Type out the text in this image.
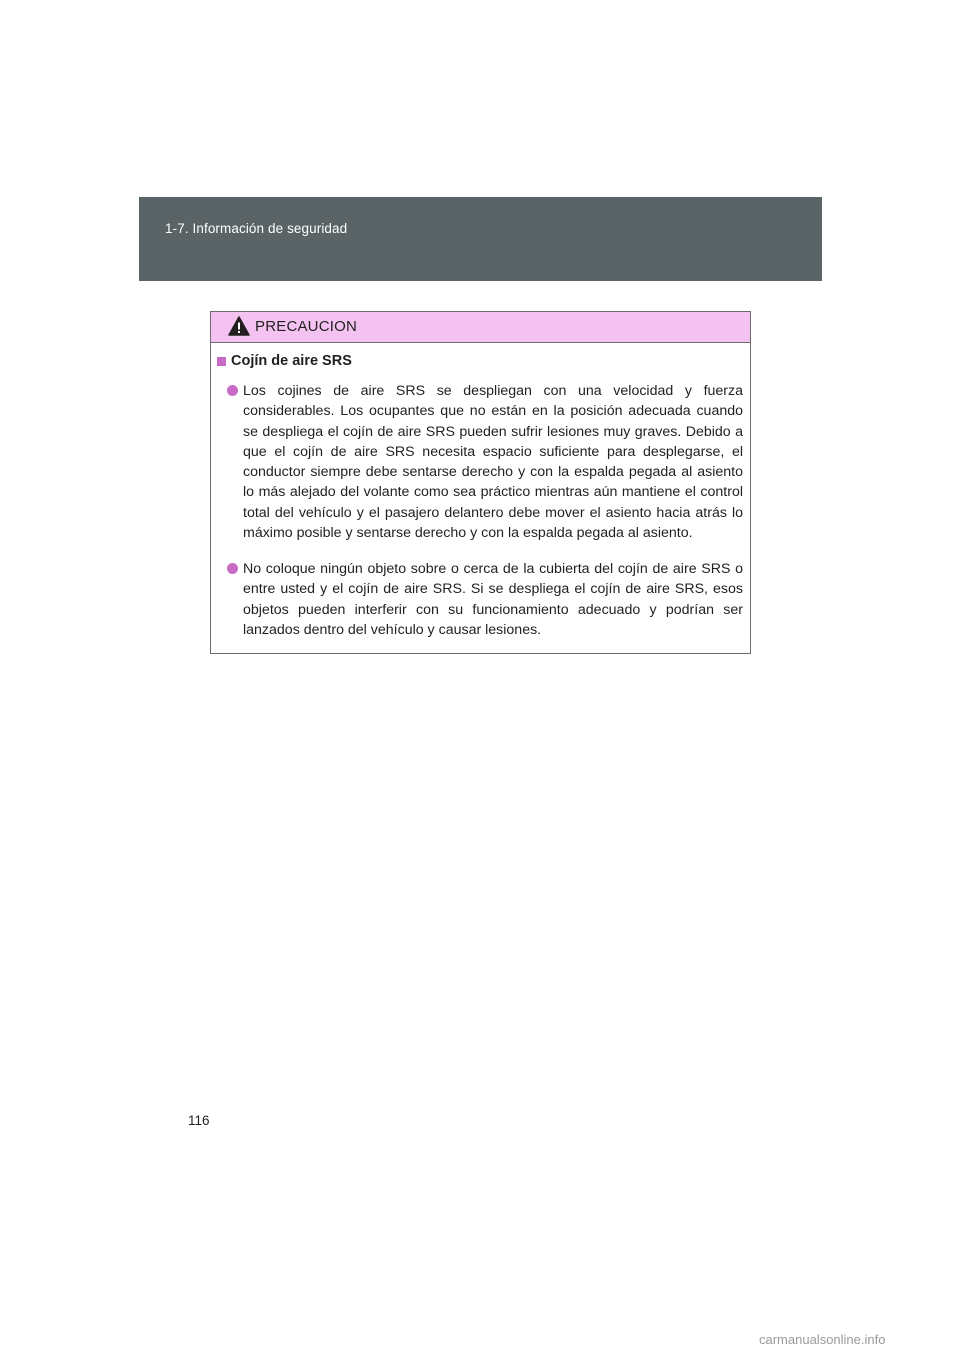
1-7. Información de seguridad
PRECAUCION
Cojín de aire SRS
Los cojines de aire SRS se despliegan con una velocidad y fuerza considerables. Los ocupantes que no están en la posición adecuada cuando se despliega el cojín de aire SRS pueden sufrir lesiones muy graves. Debido a que el cojín de aire SRS necesita espacio suficiente para desplegarse, el conductor siempre debe sentarse derecho y con la espalda pegada al asiento lo más alejado del volante como sea práctico mientras aún mantiene el control total del vehículo y el pasajero delantero debe mover el asiento hacia atrás lo máximo posible y sentarse derecho y con la espalda pegada al asiento.
No coloque ningún objeto sobre o cerca de la cubierta del cojín de aire SRS o entre usted y el cojín de aire SRS. Si se despliega el cojín de aire SRS, esos objetos pueden interferir con su funcionamiento adecuado y podrían ser lanzados dentro del vehículo y causar lesiones.
116
carmanualsonline.info
